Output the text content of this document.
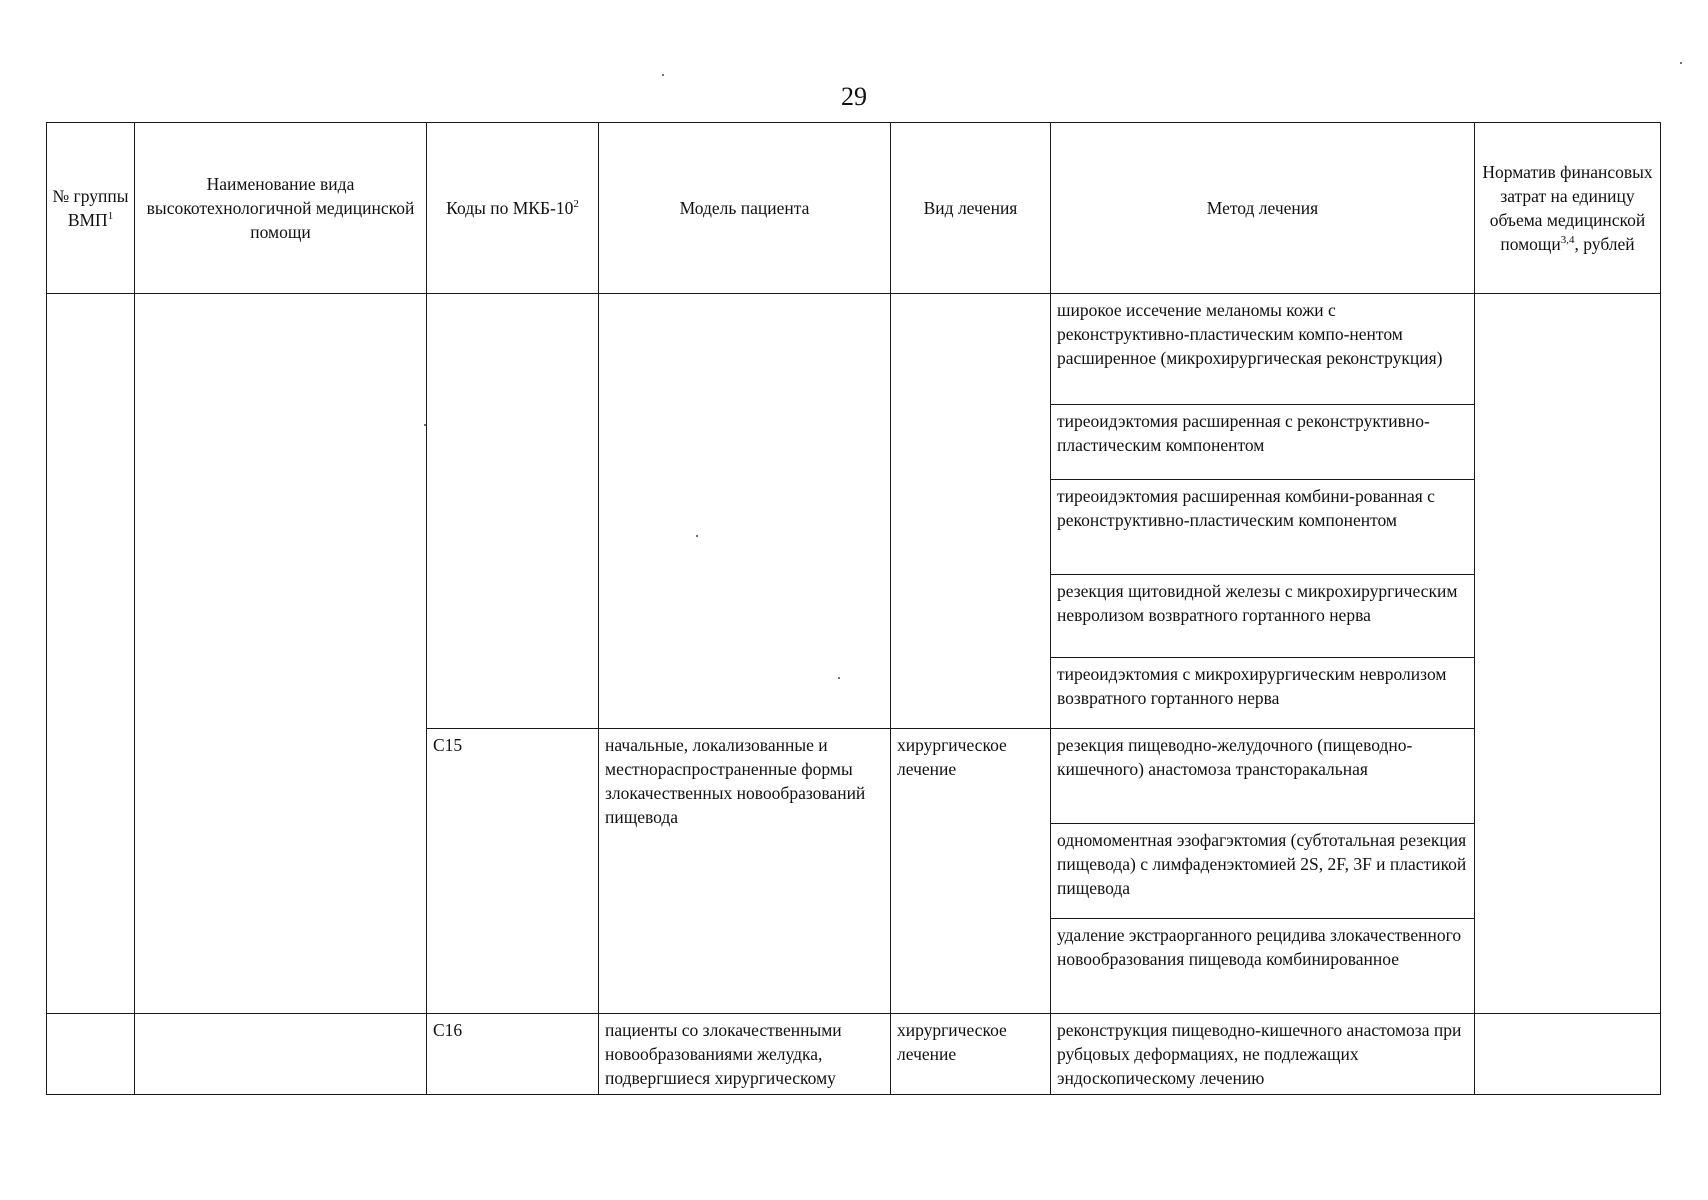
29
№ группы ВМП$^1$	Наименование вида высокотехнологичной медицинской помощи	Коды по МКБ-$10^2$	Модель пациента	Вид лечения	Метод лечения	Норматив финансовых затрат на единицу объема медицинской помощи$^{3,4}$, рублей
					широкое иссечение меланомы кожи с реконструктивно-пластическим компо-нентом расширенное (микрохирургическая реконструкция)	
					тиреоидэктомия расширенная с реконструктивно-пластическим компонентом	
					тиреоидэктомия расширенная комбини-рованная с реконструктивно-пластическим компонентом	
					резекция щитовидной железы с микрохирургическим невролизом возвратного гортанного нерва	
					тиреоидэктомия с микрохирургическим невролизом возвратного гортанного нерва	
		C15	начальные, локализованные и местнораспространенные формы злокачественных новообразований пищевода	хирургическое лечение	резекция пищеводно-желудочного (пищеводно-кишечного) анастомоза трансторакальная	
					одномоментная эзофагэктомия (субтотальная резекция пищевода) с лимфаденэктомией 2S, 2F, 3F и пластикой пищевода	
					удаление экстраорганного рецидива злокачественного новообразования пищевода комбинированное	
		C16	пациенты со злокачественными новообразованиями желудка, подвергшиеся хирургическому	хирургическое лечение	реконструкция пищеводно-кишечного анастомоза при рубцовых деформациях, не подлежащих эндоскопическому лечению	
